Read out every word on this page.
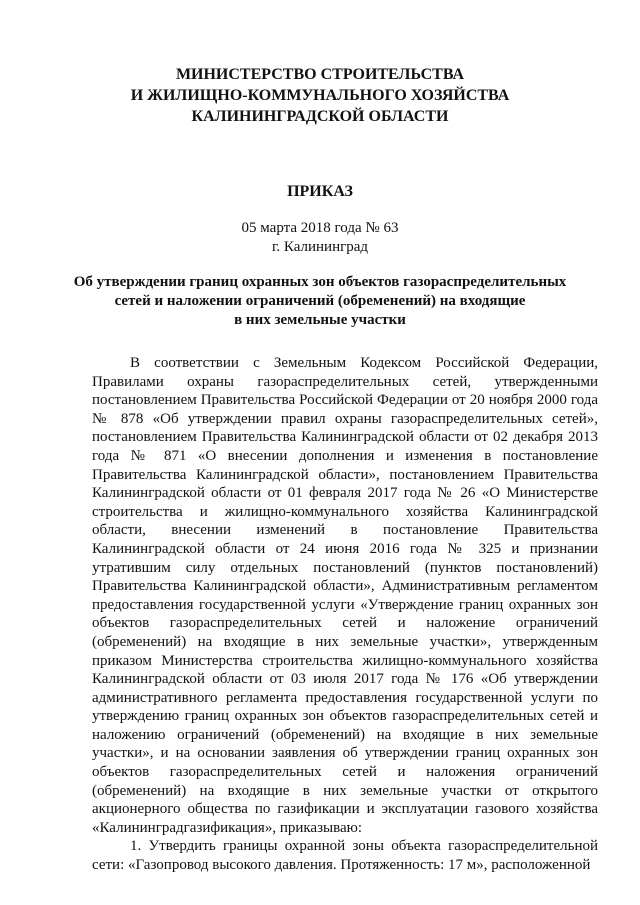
МИНИСТЕРСТВО СТРОИТЕЛЬСТВА
И ЖИЛИЩНО-КОММУНАЛЬНОГО ХОЗЯЙСТВА
КАЛИНИНГРАДСКОЙ ОБЛАСТИ
ПРИКАЗ
05 марта 2018 года № 63
г. Калининград
Об утверждении границ охранных зон объектов газораспределительных
сетей и наложении ограничений (обременений) на входящие
в них земельные участки

В соответствии с Земельным Кодексом Российской Федерации, Правилами охраны газораспределительных сетей, утвержденными постановлением Правительства Российской Федерации от 20 ноября 2000 года № 878 «Об утверждении правил охраны газораспределительных сетей», постановлением Правительства Калининградской области от 02 декабря 2013 года № 871 «О внесении дополнения и изменения в постановление Правительства Калининградской области», постановлением Правительства Калининградской области от 01 февраля 2017 года № 26 «О Министерстве строительства и жилищно-коммунального хозяйства Калининградской области, внесении изменений в постановление Правительства Калининградской области от 24 июня 2016 года № 325 и признании утратившим силу отдельных постановлений (пунктов постановлений) Правительства Калининградской области», Административным регламентом предоставления государственной услуги «Утверждение границ охранных зон объектов газораспределительных сетей и наложение ограничений (обременений) на входящие в них земельные участки», утвержденным приказом Министерства строительства жилищно-коммунального хозяйства Калининградской области от 03 июля 2017 года № 176 «Об утверждении административного регламента предоставления государственной услуги по утверждению границ охранных зон объектов газораспределительных сетей и наложению ограничений (обременений) на входящие в них земельные участки», и на основании заявления об утверждении границ охранных зон объектов газораспределительных сетей и наложения ограничений (обременений) на входящие в них земельные участки от открытого акционерного общества по газификации и эксплуатации газового хозяйства «Калининградгазификация», приказываю:

1. Утвердить границы охранной зоны объекта газораспределительной сети: «Газопровод высокого давления. Протяженность: 17 м», расположенной
